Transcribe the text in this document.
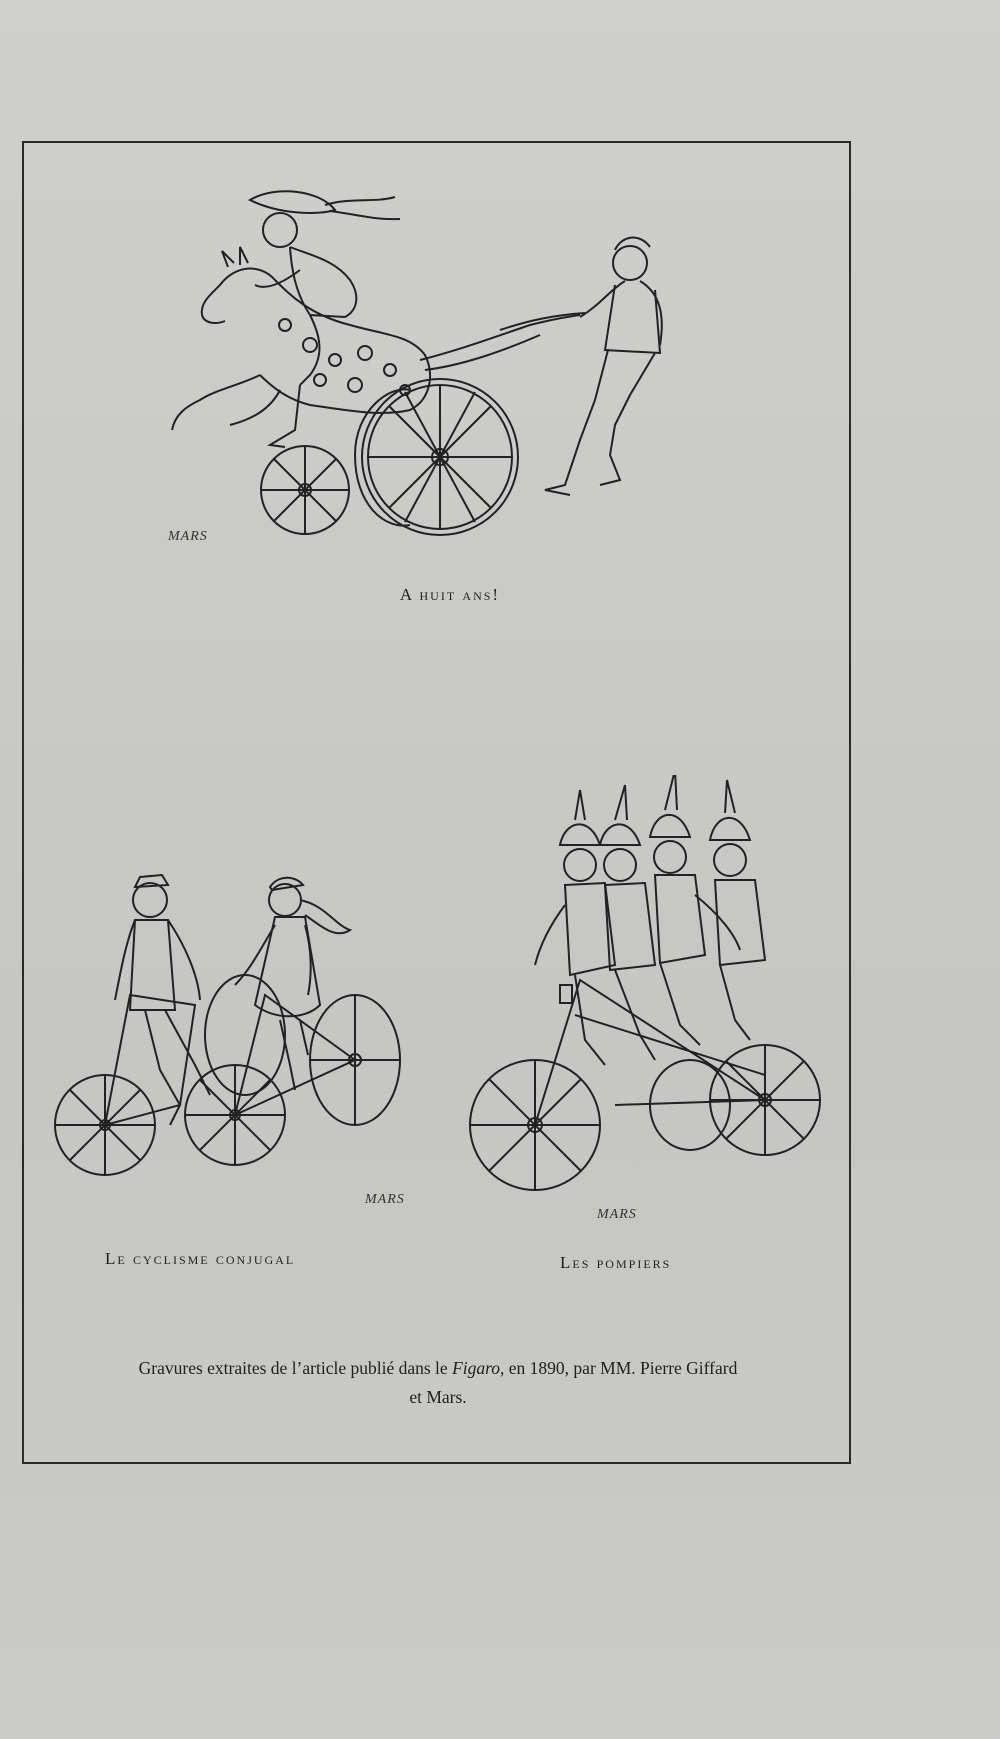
MARS
A huit ans!
MARS
MARS
Le cyclisme conjugal	Les pompiers
Gravures extraites de l’article publié dans le Figaro, en 1890, par MM. Pierre Giffard
et Mars.
